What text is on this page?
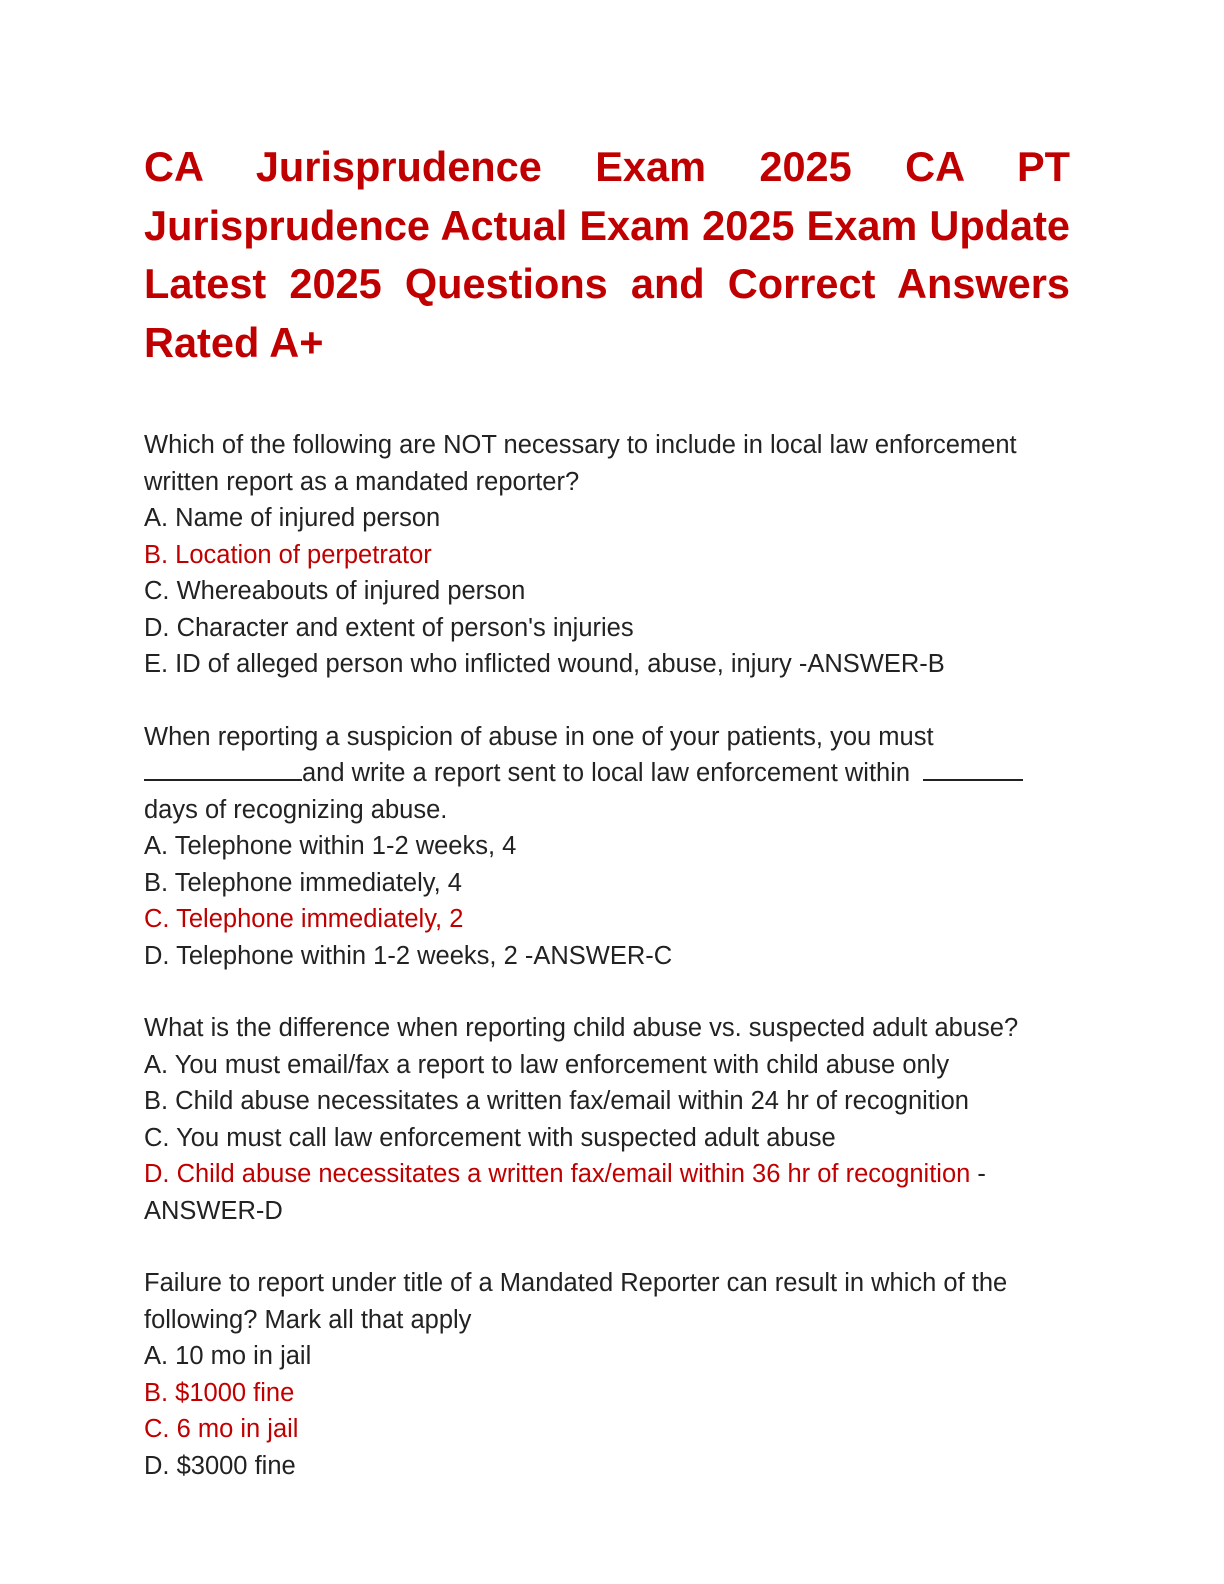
CA Jurisprudence Exam 2025 CA PT Jurisprudence Actual Exam 2025 Exam Update Latest 2025 Questions and Correct Answers Rated A+
Which of the following are NOT necessary to include in local law enforcement written report as a mandated reporter?
A. Name of injured person
B. Location of perpetrator
C. Whereabouts of injured person
D. Character and extent of person's injuries
E. ID of alleged person who inflicted wound, abuse, injury -ANSWER-B
When reporting a suspicion of abuse in one of your patients, you must
and write a report sent to local law enforcement within
days of recognizing abuse.
A. Telephone within 1-2 weeks, 4
B. Telephone immediately, 4
C. Telephone immediately, 2
D. Telephone within 1-2 weeks, 2 -ANSWER-C
What is the difference when reporting child abuse vs. suspected adult abuse?
A. You must email/fax a report to law enforcement with child abuse only
B. Child abuse necessitates a written fax/email within 24 hr of recognition
C. You must call law enforcement with suspected adult abuse
D. Child abuse necessitates a written fax/email within 36 hr of recognition -
ANSWER-D
Failure to report under title of a Mandated Reporter can result in which of the following? Mark all that apply
A. 10 mo in jail
B. $1000 fine
C. 6 mo in jail
D. $3000 fine
